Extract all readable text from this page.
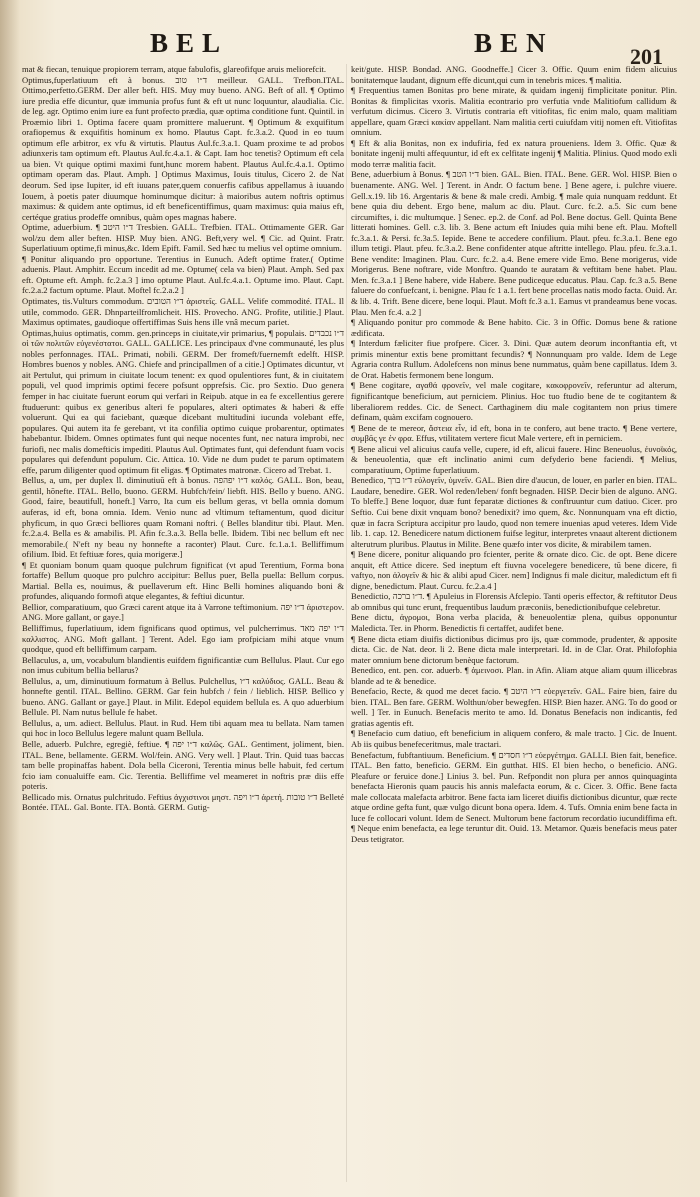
BEL	BEN	201

mat & fiecan, tenuique propiorem terram, atque fabulofis, glareofifque aruis meliorefcit.

Optimus,fuperlatiuum eft à bonus. ד״ו טוב meilleur. GALL. Trefbon.ITAL. Ottimo,perfetto.GERM. Der aller beft. HIS. Muy muy bueno. ANG. Beft of all. ¶ Optimo iure predia effe dicuntur, quæ immunia profus funt & eft ut nunc loquuntur, alaudialia. Cic. de leg. agr. Optimo enim iure ea funt profecto prædia, quæ optima conditione funt. Quintil. in Proæmio libri 1. Optima facere quam promittere maluerunt. ¶ Optimum & exquifitum orafiopemus & exquifitis hominum ex homo. Plautus Capt. fc.3.a.2. Quod in eo tuum optimum efle arbitror, ex vfu & virtutis. Plautus Aul.fc.3.a.1. Quam proxime te ad probos adiunxeris tam optimum eft. Plautus Aul.fc.4.a.1. & Capt. Iam hoc tenetis? Optimum eft cela ua bien. Vt quique optimi maximi funt,hunc morem habent. Plautus Aul.fc.4.a.1. Optimo optimam operam das. Plaut. Amph. ] Optimus Maximus, Iouis titulus, Cicero 2. de Nat deorum. Sed ipse Iupiter, id eft iuuans pater,quem conuerfis cafibus appellamus à iuuando Iouem, à poetis pater diuumque hominumque dicitur: à maioribus autem noftris optimus maximus: & quidem ante optimus, id eft beneficentiffimus, quam maximus: quia maius eft, certéque gratius prodeffe omnibus, quàm opes magnas habere.

Optime, aduerbium. ¶ ד״ו היטב Tresbien. GALL. Trefbien. ITAL. Ottimamente GER. Gar wol/zu dem aller beften. HISP. Muy bien. ANG. Beft,very wel. ¶ Cic. ad Quint. Fratr. Superlatiuum optime,fi minus,&c. Idem Epift. Famil. Sed hæc tu melius vel optime omnium.

¶ Ponitur aliquando pro opportune. Terentius in Eunuch. Adeft optime frater.( Optime aduenis. Plaut. Amphitr. Eccum incedit ad me. Optume( cela va bien) Plaut. Amph. Sed pax eft. Optume eft. Amph. fc.2.a.3 ] imo optume Plaut. Aul.fc.4.a.1. Optume imo. Plaut. Capt. fc.2.a.2 factum optume. Plaut. Moftel fc.2.a.2 ]

Optimates, tis.Vulturs commodum. ד״ו הטובים ἀριστεῖς. GALL. Velife commodité. ITAL. Il utile, commodo. GER. Dhnparteilfromlicheit. HIS. Provecho. ANG. Profite, utilitie.] Plaut. Maximus optimates, gaudioque offertiffimas Suis hens ille vnâ mecum pariet.

Optimas,huius optimatis, comm. gen.princeps in ciuitate,vir primarius, ¶ populais. ד״ו נכבדים οἱ τῶν πολιτῶν εὐγενέστατοι. GALL. GALLICE. Les principaux d'vne communauté, les plus nobles perfonnages. ITAL. Primati, nobili. GERM. Der fromeft/fuernemft edelft. HISP. Hombres buenos y nobles. ANG. Chiefe and principallmen of a citie.] Optimates dicuntur, vt ait Pertulut, qui primum in ciuitate locum tenent: ex quod opulentiores funt, & in ciuitatem populi, vel quod imprimis optimi fecere pofsunt opprefsis. Cic. pro Sextio. Duo genera femper in hac ciuitate fuerunt eorum qui verfari in Reipub. atque in ea fe excellentius gerere ftuduerunt: quibus ex generibus alteri fe populares, alteri optimates & haberi & effe voluerunt. Qui ea qui faciebant, quæque dicebant multitudini iucunda volebant effe, populares. Qui autem ita fe gerebant, vt ita confilia optimo cuique probarentur, optimates habebantur. Ibidem. Omnes optimates funt qui neque nocentes funt, nec natura improbi, nec furiofi, nec malis domefticis impediti. Plautus Aul. Optimates funt, qui defendunt fuam vocis populares qui defendunt populum. Cic. Attica. 10. Vide ne dum pudet te parum optimatem effe, parum diligenter quod optimum fit eligas. ¶ Optimates matronæ. Cicero ad Trebat. 1.

Bellus, a, um, per duplex ll. diminutiuū eft à bonus. ד״ו יפהפה καλός. GALL. Bon, beau, gentil, hōnefte. ITAL. Bello, buono. GERM. Hubfch/fein/ liebft. HIS. Bello y bueno. ANG. Good, faire, beautifull, honeft.] Varro, Ita cum eis bellum geras, vt bella omnia domum auferas, id eft, bona omnia. Idem. Venio nunc ad vltimum teftamentum, quod dicitur phyficum, in quo Græci belliores quam Romani noftri. ( Belles blanditur tibi. Plaut. Men. fc.2.a.4. Bella es & amabilis. Pl. Afin fc.3.a.3. Bella belle. Ibidem. Tibi nec bellum eft nec memorabile.( N'eft ny beau ny honnefte a raconter) Plaut. Curc. fc.1.a.1. Belliffimum ofilium. Ibid. Et feftiuæ fores, quia morigeræ.]

¶ Et quoniam bonum quam quoque pulchrum fignificat (vt apud Terentium, Forma bona fortaffe) Bellum quoque pro pulchro accipitur: Bellus puer, Bella puella: Bellum corpus. Martial. Bella es, nouimus, & puellaverum eft. Hinc Belli homines aliquando boni & profundes, aliquando formofi atque elegantes, & feftiui dicuntur.

Bellior, comparatiuum, quo Græci carent atque ita à Varrone teftimonium. ד״ו יפה ἀριστερον. ANG. More gallant, or gaye.]

Belliffimus, fuperlatiuum, idem fignificans quod optimus, vel pulcherrimus. ד״ו יפה מאד καλλιστος. ANG. Moft gallant. ] Terent. Adel. Ego iam profpiciam mihi atque vnum quodque, quod eft belliffimum carpam.

Bellaculus, a, um, vocabulum blandientis euifdem fignificantiæ cum Bellulus. Plaut. Cur ego non imus cubitum bellia bellarus?

Bellulus, a, um, diminutiuum formatum à Bellus. Pulchellus, ד״ו καλύδιος. GALL. Beau & honnefte gentil. ITAL. Bellino. GERM. Gar fein hubfch / fein / lieblich. HISP. Bellico y bueno. ANG. Gallant or gaye.] Plaut. in Milit. Edepol equidem bellula es. A quo aduerbium Bellule. Pl. Nam nutus bellule fe habet.

Bellulus, a, um. adiect. Bellulus. Plaut. in Rud. Hem tibi aquam mea tu bellata. Nam tamen qui hoc in loco Bellulus legere malunt quam Bellula.

Belle, aduerb. Pulchre, egregiè, feftiue. ¶ ד״ו יפה καλῶς. GAL. Gentiment, joliment, bien. ITAL. Bene, bellamente. GERM. Wol/fein. ANG. Very well. ] Plaut. Trin. Quid tuas baccas tam belle propinaffas habent. Dola bella Ciceroni, Terentia minus belle habuit, fed certum fcio iam conualuiffe eam. Cic. Terentia. Belliffime vel meameret in noftris præ diis effe poteris.

Bellicado mis. Ornatus pulchritudo. Feftius ἀγχιστινοι μηστ. ד״ו ויפה ἀρετή. ד״ו טובות Belleté Bontée. ITAL. Gal. Bonte. ITA. Bontà. GERM. Gutig-

keit/gute. HISP. Bondad. ANG. Goodneffe.] Cicer 3. Offic. Quum enim fidem alicuius bonitatemque laudant, dignum effe dicunt,qui cum in tenebris mices. ¶ malitia.

¶ Frequentius tamen Bonitas pro bene mirate, & quidam ingenij fimplicitate ponitur. Plin. Bonitas & fimplicitas vxoris. Malitia econtrario pro verfutia vnde Malitiofum callidum & verfutum dicimus. Cicero 3. Virtutis contraria eft vitiofitas, fic enim malo, quam malitiam appellare, quam Græci κακίαν appellant. Nam malitia certi cuiufdam vitij nomen eft. Vitiofitas omnium.

¶ Eft & alia Bonitas, non ex indufiria, fed ex natura proueniens. Idem 3. Offic. Quæ & bonitate ingenij multi affequuntur, id eft ex celfitate ingenij ¶ Malitia. Plinius. Quod modo exli modo terræ malitia facit.

Bene, aduerbium à Bonus. ¶ ד״ו הטב bien. GAL. Bien. ITAL. Bene. GER. Wol. HISP. Bien o buenamente. ANG. Wel. ] Terent. in Andr. O factum bene. ] Bene agere, i. pulchre viuere. Gell.x.19. lib 16. Argentaris & bene & male credi. Ambig. ¶ male quia nunquam reddunt. Et bene quia diu debent. Ergo bene, malum ac diu. Plaut. Curc. fc.2. a.5. Sic cum bene circumiftes, i. dic multumque. ] Senec. ep.2. de Conf. ad Pol. Bene doctus. Gell. Quinta Bene litterati homines. Gell. c.3. lib. 3. Bene actum eft Iniudes quia mihi bene eft. Plau. Moftell fc.3.a.1. & Persi. fc.3a.5. Iepide. Bene te accedere confilium. Plaut. pfeu. fc.3.a.1. Bene ego illum tetigi. Plaut. pfeu. fc.3.a.2. Bene confidenter atque aftritte intellego. Plau. pfeu. fc.3.a.1. Bene vendite: Imaginen. Plau. Curc. fc.2. a.4. Bene emere vide Emo. Bene morigerus, vide Morigerus. Bene noftrare, vide Monftro. Quando te auratam & veftitam bene habet. Plau. Men. fc.3.a.1 ] Bene habere, vide Habere. Bene pudiceque educatus. Plau. Cap. fc.3 a.5. Bene faluere do confuefcant, i. benigne. Plau fc 1 a.1. fert bene procellas natis modo facta. Ouid. Ar. & lib. 4. Trift. Bene dicere, bene loqui. Plaut. Moft fc.3 a.1. Eamus vt prandeamus bene vocas. Plau. Men fc.4. a.2 ]

¶ Aliquando ponitur pro commode & Bene habito. Cic. 3 in Offic. Domus bene & ratione ædificata.

¶ Interdum fæliciter fiue profpere. Cicer. 3. Dini. Quæ autem deorum inconftantia eft, vt primis minentur extis bene promittant fecundis? ¶ Nonnunquam pro valde. Idem de Lege Agraria contra Rullum. Adolefcens non minus bene nummatus, quàm bene capillatus. Idem 3. de Orat. Habetis fermonem bene longum.

¶ Bene cogitare, αγαθά φρονεῖν, vel male cogitare, κακοφρονεῖν, referuntur ad alterum, fignificantque beneficium, aut perniciem. Plinius. Hoc tuo ftudio bene de te cogitantem & liberaliorem reddes. Cic. de Senect. Carthaginem diu male cogitantem non prius timere definam, quàm excifam cognouero.

¶ Bene de te mereor, ἄστεια εἶν, id eft, bona in te confero, aut bene tracto. ¶ Bene vertere, συμβᾶς γε ἐν φρα. Effus, vtilitatem vertere ficut Male vertere, eft in perniciem.

¶ Bene alicui vel alicuius caufa velle, cupere, id eft, alicui fauere. Hinc Beneuolus, ἐυνοϊκός, & beneuolentia, quæ eft inclinatio animi cum defyderio bene faciendi. ¶ Melius, comparatiuum, Optime fuperlatiuum.

Benedico, ד״ו ברך εὐλογεῖν, ὑμνεῖν. GAL. Bien dire d'aucun, de louer, en parler en bien. ITAL. Laudare, benedire. GER. Wol reden/leben/ fonft begnaden. HISP. Decir bien de alguno. ANG. To bleffe.] Bene loquor, duæ funt feparatæ dictiones & conftruuntur cum datiuo. Cicer. pro Seftio. Cui bene dixit vnquam bono? benedixit? imo quem, &c. Nonnunquam vna eft dictio, quæ in facra Scriptura accipitur pro laudo, quod non temere inuenias apud veteres. Idem Vide lib. 1. cap. 12. Benedicere natum dictionem fuifse legitur, interpretes vnaaut alterent dictionem alterutrum pluribus. Plautus in Milite. Bene quæfo inter vos dicite, & mirabilem tamen.

¶ Bene dicere, ponitur aliquando pro fcienter, perite & ornate dico. Cic. de opt. Bene dicere anquit, eft Attice dicere. Sed ineptum eft fiuvna vocelegere benedicere, tū bene dicere, fi vaftyo, non ἀλογεῖν & hic & alibi apud Cicer. nem] Indignus fi male dicitur, maledictum eft fi digne, benedictum. Plaut. Curcu. fc.2.a.4 ]

Benedictio, ד״ו ברכה. ¶ Apuleius in Florensis Afclepio. Tanti operis effector, & reftitutor Deus ab omnibus qui tunc erunt, frequentibus laudum præconiis, benedictionibufque celebretur.

Bene dictu, ἀγρομοι, Bona verba placida, & beneuolentiæ plena, quibus opponuntur Maledicta. Ter. in Phorm. Benedictis fi certaffet, audifet bene.

¶ Bene dicta etiam diuifis dictionibus dicimus pro ijs, quæ commode, prudenter, & apposite dicta. Cic. de Nat. deor. li 2. Bene dicta male interpretari. Id. in de Clar. Orat. Philofophia mater omnium bene dictorum benèque factorum.

Benedico, ent. pen. cor. aduerb. ¶ ἀμεινοσι. Plan. in Afin. Aliam atque aliam quum illicebras blande ad te & benedice.

Benefacio, Recte, & quod me decet facio. ¶ ד״ו היטב εὐεργετεῖν. GAL. Faire bien, faire du bien. ITAL. Ben fare. GERM. Wolthun/ober bewegfen. HISP. Bien hazer. ANG. To do good or well. ] Ter. in Eunuch. Benefacis merito te amo. Id. Donatus Benefacis non indicantis, fed gratias agentis eft.

¶ Benefacio cum datiuo, eft beneficium in aliquem confero, & male tracto. ] Cic. de Inuent. Ab iis quibus benefeceritmus, male tractari.

Benefactum, fubftantiuum. Beneficium. ¶ ד״ו חסדים εὐεργέτημα. GALLI. Bien fait, benefice. ITAL. Ben fatto, beneficio. GERM. Ein gutthat. HIS. El bien hecho, o beneficio. ANG. Pleafure or feruice done.] Linius 3. bel. Pun. Refpondit non plura per annos quinquaginta benefacta Hieronis quam paucis his annis malefacta eorum, & c. Cicer. 3. Offic. Bene facta male collocata malefacta arbitror. Bene facta iam liceret diuifis dictionibus dicuntur, quæ recte atque ordine gefta funt, quæ vulgo dicunt bona opera. Idem. 4. Tufs. Omnia enim bene facta in luce fe collocari volunt. Idem de Senect. Multorum bene factorum recordatio iucundiffima eft. ¶ Neque enim benefacta, ea lege teruntur dit. Ouid. 13. Metamor. Quæis benefacis meus pater Deus tetigrator.
